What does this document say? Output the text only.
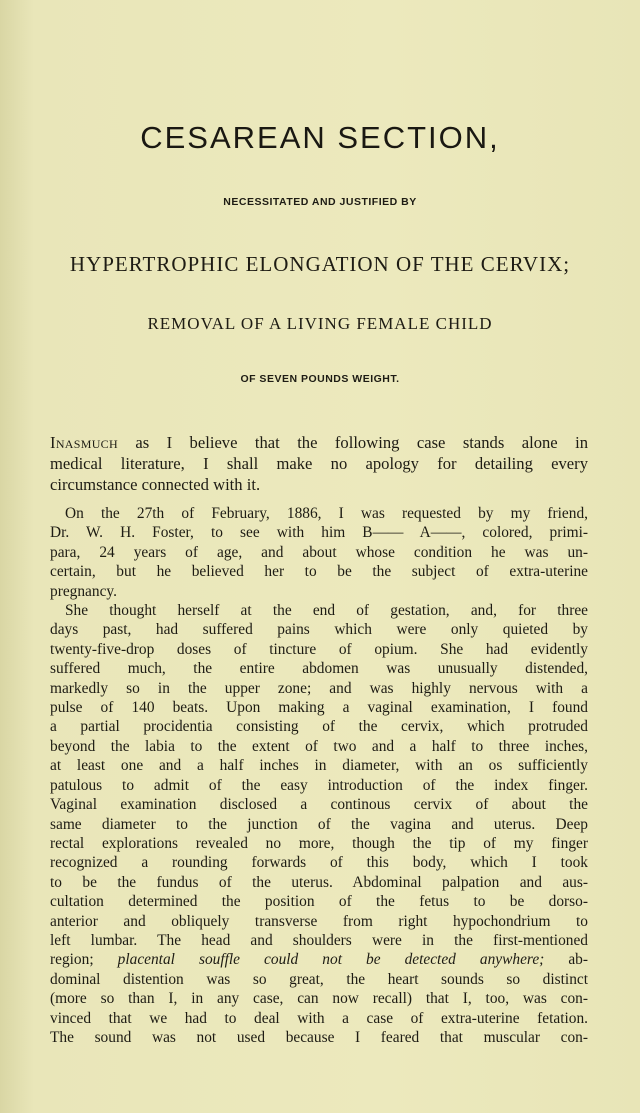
CESAREAN SECTION,
NECESSITATED AND JUSTIFIED BY
HYPERTROPHIC ELONGATION OF THE CERVIX;
REMOVAL OF A LIVING FEMALE CHILD
OF SEVEN POUNDS WEIGHT.
Inasmuch as I believe that the following case stands alone in
medical literature, I shall make no apology for detailing every
circumstance connected with it.
On the 27th of February, 1886, I was requested by my friend,
Dr. W. H. Foster, to see with him B—— A——, colored, primi-
para, 24 years of age, and about whose condition he was un-
certain, but he believed her to be the subject of extra-uterine
pregnancy.
She thought herself at the end of gestation, and, for three
days past, had suffered pains which were only quieted by
twenty-five-drop doses of tincture of opium. She had evidently
suffered much, the entire abdomen was unusually distended,
markedly so in the upper zone; and was highly nervous with a
pulse of 140 beats. Upon making a vaginal examination, I found
a partial procidentia consisting of the cervix, which protruded
beyond the labia to the extent of two and a half to three inches,
at least one and a half inches in diameter, with an os sufficiently
patulous to admit of the easy introduction of the index finger.
Vaginal examination disclosed a continous cervix of about the
same diameter to the junction of the vagina and uterus. Deep
rectal explorations revealed no more, though the tip of my finger
recognized a rounding forwards of this body, which I took
to be the fundus of the uterus. Abdominal palpation and aus-
cultation determined the position of the fetus to be dorso-
anterior and obliquely transverse from right hypochondrium to
left lumbar. The head and shoulders were in the first-mentioned
region; placental souffle could not be detected anywhere; ab-
dominal distention was so great, the heart sounds so distinct
(more so than I, in any case, can now recall) that I, too, was con-
vinced that we had to deal with a case of extra-uterine fetation.
The sound was not used because I feared that muscular con-
